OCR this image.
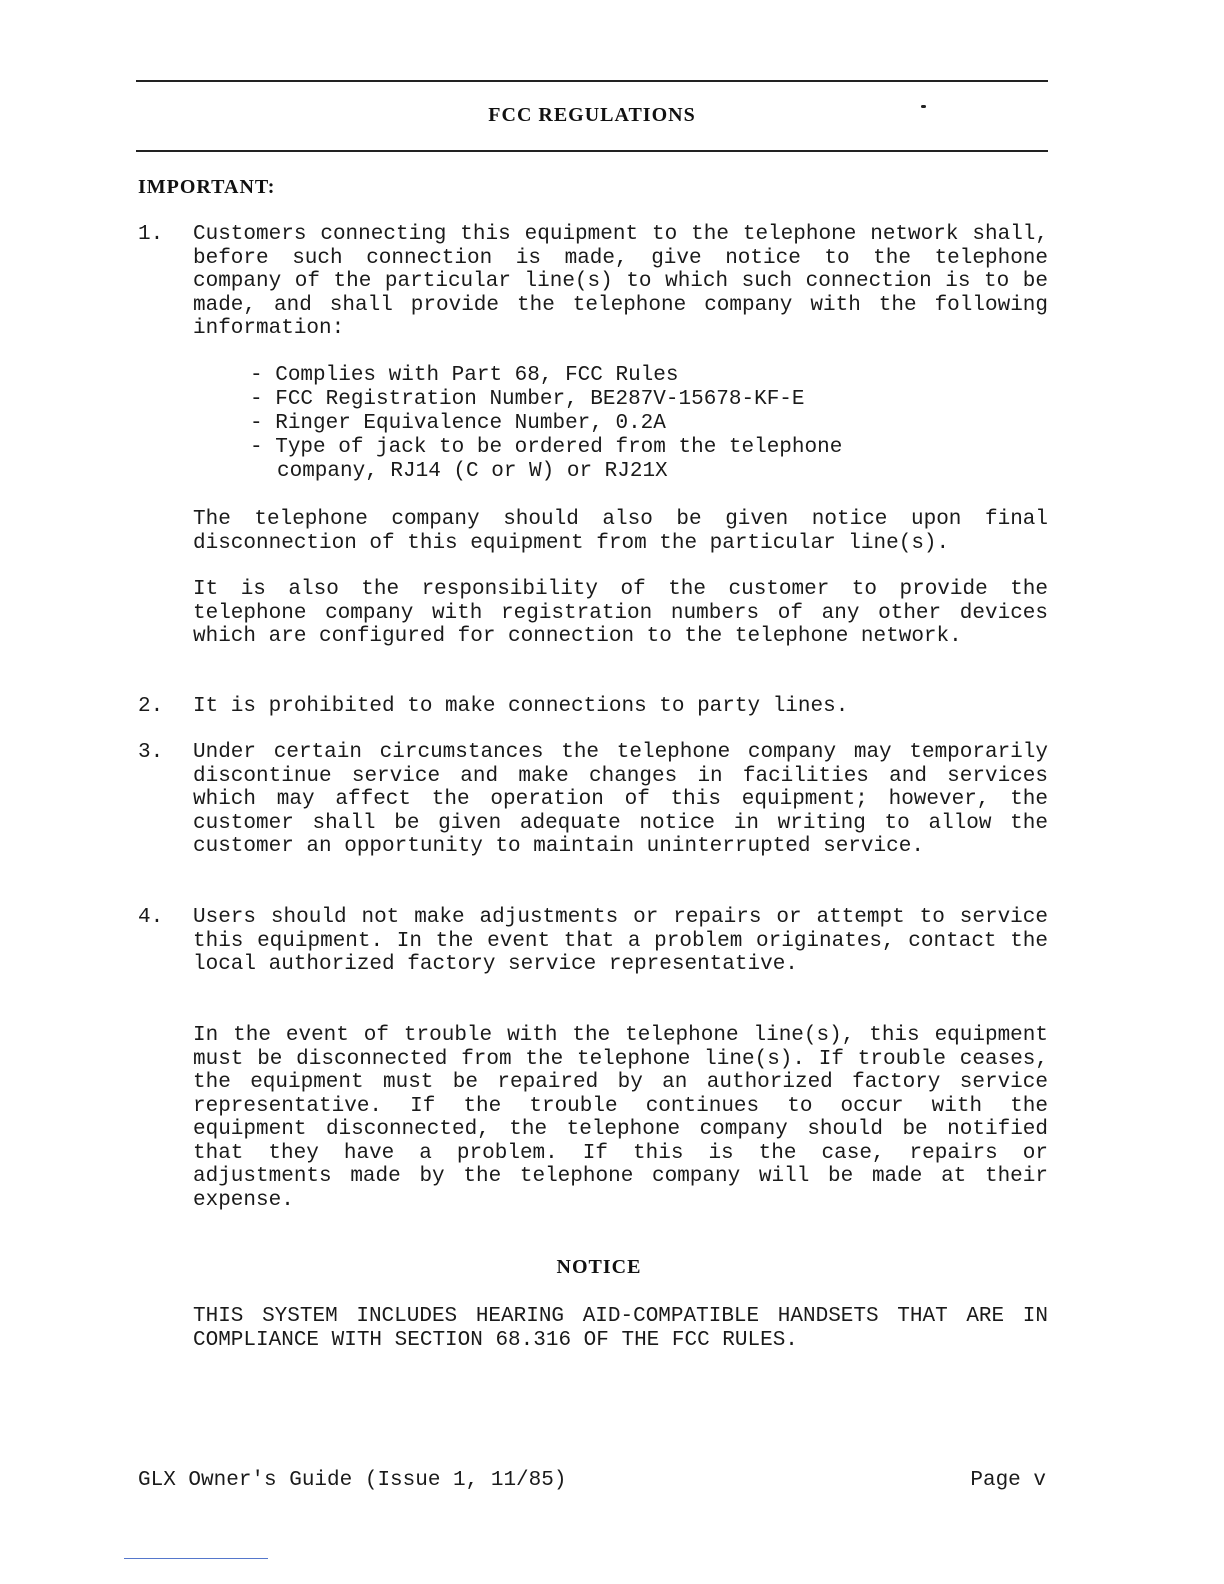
FCC REGULATIONS
IMPORTANT:
1. Customers connecting this equipment to the telephone network shall, before such connection is made, give notice to the telephone company of the particular line(s) to which such connection is to be made, and shall provide the telephone company with the following information:

- Complies with Part 68, FCC Rules
- FCC Registration Number, BE287V-15678-KF-E
- Ringer Equivalence Number, 0.2A
- Type of jack to be ordered from the telephone company, RJ14 (C or W) or RJ21X

The telephone company should also be given notice upon final disconnection of this equipment from the particular line(s).

It is also the responsibility of the customer to provide the telephone company with registration numbers of any other devices which are configured for connection to the telephone network.

2. It is prohibited to make connections to party lines.

3. Under certain circumstances the telephone company may temporarily discontinue service and make changes in facilities and services which may affect the operation of this equipment; however, the customer shall be given adequate notice in writing to allow the customer an opportunity to maintain uninterrupted service.

4. Users should not make adjustments or repairs or attempt to service this equipment. In the event that a problem originates, contact the local authorized factory service representative.

In the event of trouble with the telephone line(s), this equipment must be disconnected from the telephone line(s). If trouble ceases, the equipment must be repaired by an authorized factory service representative. If the trouble continues to occur with the equipment disconnected, the telephone company should be notified that they have a problem. If this is the case, repairs or adjustments made by the telephone company will be made at their expense.

NOTICE

THIS SYSTEM INCLUDES HEARING AID-COMPATIBLE HANDSETS THAT ARE IN COMPLIANCE WITH SECTION 68.316 OF THE FCC RULES.

GLX Owner's Guide (Issue 1, 11/85)	Page v
